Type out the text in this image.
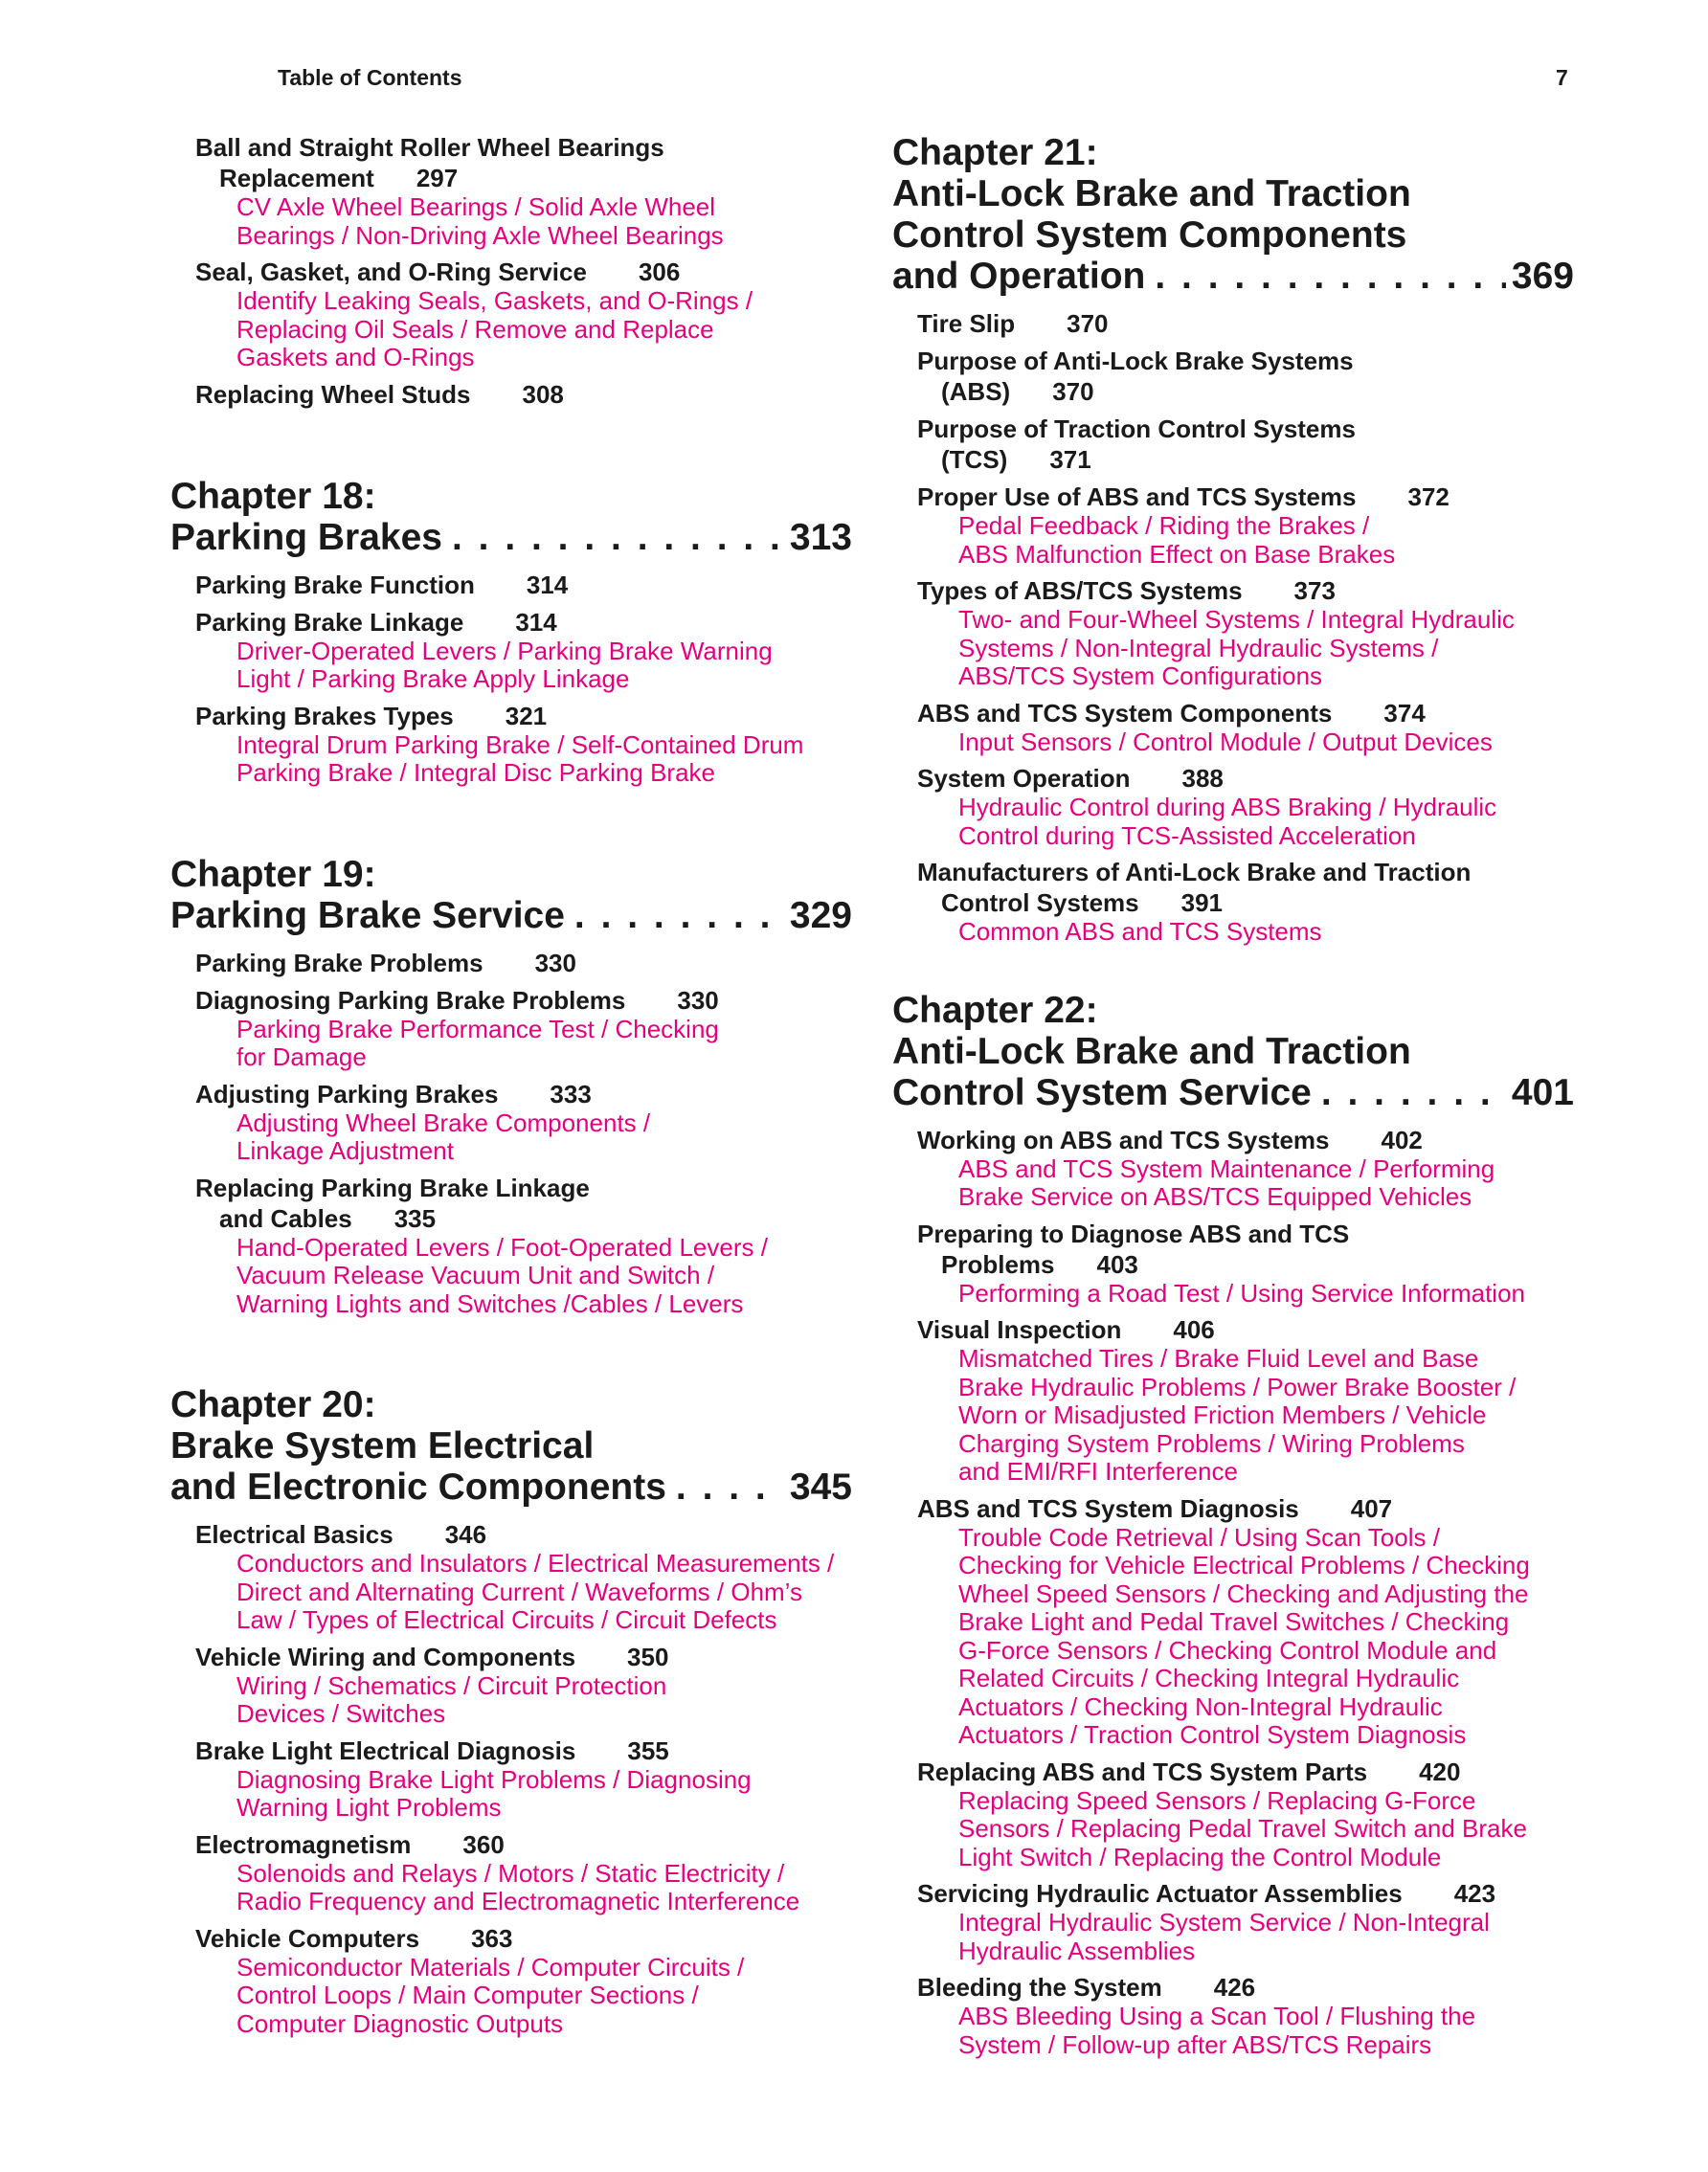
Table of Contents	7
Ball and Straight Roller Wheel Bearings
Replacement 297
CV Axle Wheel Bearings / Solid Axle Wheel
Bearings / Non-Driving Axle Wheel Bearings
Seal, Gasket, and O-Ring Service 306
Identify Leaking Seals, Gaskets, and O-Rings /
Replacing Oil Seals / Remove and Replace
Gaskets and O-Rings
Replacing Wheel Studs 308
Chapter 18:
Parking Brakes . . .	313
Parking Brake Function 314
Parking Brake Linkage 314
Driver-Operated Levers / Parking Brake Warning
Light / Parking Brake Apply Linkage
Parking Brakes Types 321
Integral Drum Parking Brake / Self-Contained Drum
Parking Brake / Integral Disc Parking Brake
Chapter 19:
Parking Brake Service . . .	329
Parking Brake Problems 330
Diagnosing Parking Brake Problems 330
Parking Brake Performance Test / Checking
for Damage
Adjusting Parking Brakes 333
Adjusting Wheel Brake Components /
Linkage Adjustment
Replacing Parking Brake Linkage
and Cables 335
Hand-Operated Levers / Foot-Operated Levers /
Vacuum Release Vacuum Unit and Switch /
Warning Lights and Switches /Cables / Levers
Chapter 20:
Brake System Electrical
and Electronic Components . . .	345
Electrical Basics 346
Conductors and Insulators / Electrical Measurements /
Direct and Alternating Current / Waveforms / Ohm’s
Law / Types of Electrical Circuits / Circuit Defects
Vehicle Wiring and Components 350
Wiring / Schematics / Circuit Protection
Devices / Switches
Brake Light Electrical Diagnosis 355
Diagnosing Brake Light Problems / Diagnosing
Warning Light Problems
Electromagnetism 360
Solenoids and Relays / Motors / Static Electricity /
Radio Frequency and Electromagnetic Interference
Vehicle Computers 363
Semiconductor Materials / Computer Circuits /
Control Loops / Main Computer Sections /
Computer Diagnostic Outputs
Chapter 21:
Anti-Lock Brake and Traction
Control System Components
and Operation . . .	369
Tire Slip 370
Purpose of Anti-Lock Brake Systems
(ABS) 370
Purpose of Traction Control Systems
(TCS) 371
Proper Use of ABS and TCS Systems 372
Pedal Feedback / Riding the Brakes /
ABS Malfunction Effect on Base Brakes
Types of ABS/TCS Systems 373
Two- and Four-Wheel Systems / Integral Hydraulic
Systems / Non-Integral Hydraulic Systems /
ABS/TCS System Configurations
ABS and TCS System Components 374
Input Sensors / Control Module / Output Devices
System Operation 388
Hydraulic Control during ABS Braking / Hydraulic
Control during TCS-Assisted Acceleration
Manufacturers of Anti-Lock Brake and Traction
Control Systems 391
Common ABS and TCS Systems
Chapter 22:
Anti-Lock Brake and Traction
Control System Service . . .	401
Working on ABS and TCS Systems 402
ABS and TCS System Maintenance / Performing
Brake Service on ABS/TCS Equipped Vehicles
Preparing to Diagnose ABS and TCS
Problems 403
Performing a Road Test / Using Service Information
Visual Inspection 406
Mismatched Tires / Brake Fluid Level and Base
Brake Hydraulic Problems / Power Brake Booster /
Worn or Misadjusted Friction Members / Vehicle
Charging System Problems / Wiring Problems
and EMI/RFI Interference
ABS and TCS System Diagnosis 407
Trouble Code Retrieval / Using Scan Tools /
Checking for Vehicle Electrical Problems / Checking
Wheel Speed Sensors / Checking and Adjusting the
Brake Light and Pedal Travel Switches / Checking
G-Force Sensors / Checking Control Module and
Related Circuits / Checking Integral Hydraulic
Actuators / Checking Non-Integral Hydraulic
Actuators / Traction Control System Diagnosis
Replacing ABS and TCS System Parts 420
Replacing Speed Sensors / Replacing G-Force
Sensors / Replacing Pedal Travel Switch and Brake
Light Switch / Replacing the Control Module
Servicing Hydraulic Actuator Assemblies 423
Integral Hydraulic System Service / Non-Integral
Hydraulic Assemblies
Bleeding the System 426
ABS Bleeding Using a Scan Tool / Flushing the
System / Follow-up after ABS/TCS Repairs
